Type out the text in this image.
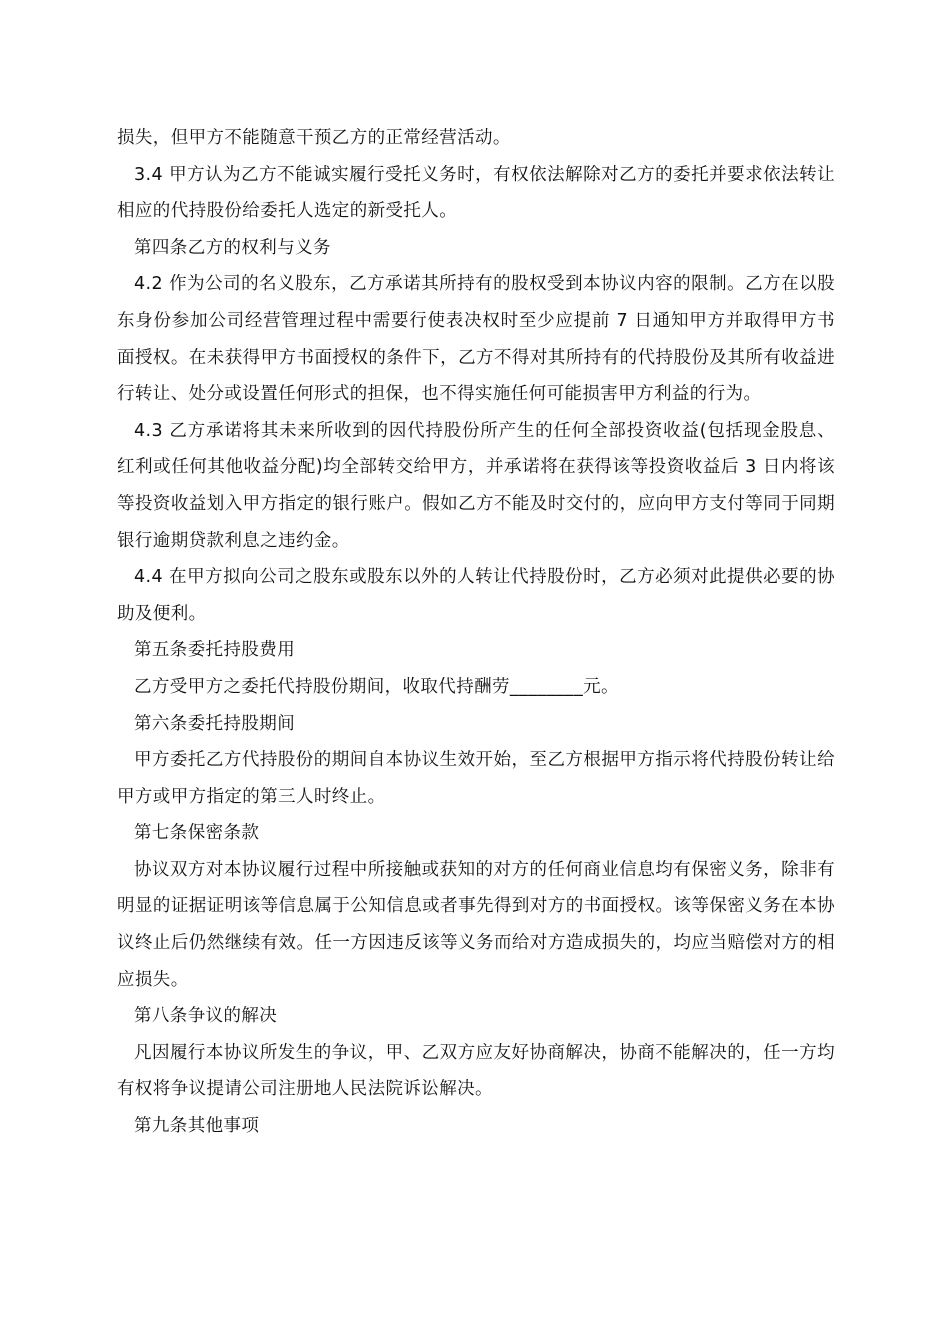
损失，但甲方不能随意干预乙方的正常经营活动。

3.4 甲方认为乙方不能诚实履行受托义务时，有权依法解除对乙方的委托并要求依法转让相应的代持股份给委托人选定的新受托人。

第四条乙方的权利与义务

4.2 作为公司的名义股东，乙方承诺其所持有的股权受到本协议内容的限制。乙方在以股东身份参加公司经营管理过程中需要行使表决权时至少应提前 7 日通知甲方并取得甲方书面授权。在未获得甲方书面授权的条件下，乙方不得对其所持有的代持股份及其所有收益进行转让、处分或设置任何形式的担保，也不得实施任何可能损害甲方利益的行为。

4.3 乙方承诺将其未来所收到的因代持股份所产生的任何全部投资收益(包括现金股息、红利或任何其他收益分配)均全部转交给甲方，并承诺将在获得该等投资收益后 3 日内将该等投资收益划入甲方指定的银行账户。假如乙方不能及时交付的，应向甲方支付等同于同期银行逾期贷款利息之违约金。

4.4 在甲方拟向公司之股东或股东以外的人转让代持股份时，乙方必须对此提供必要的协助及便利。

第五条委托持股费用

乙方受甲方之委托代持股份期间，收取代持酬劳________元。

第六条委托持股期间

甲方委托乙方代持股份的期间自本协议生效开始，至乙方根据甲方指示将代持股份转让给甲方或甲方指定的第三人时终止。

第七条保密条款

协议双方对本协议履行过程中所接触或获知的对方的任何商业信息均有保密义务，除非有明显的证据证明该等信息属于公知信息或者事先得到对方的书面授权。该等保密义务在本协议终止后仍然继续有效。任一方因违反该等义务而给对方造成损失的，均应当赔偿对方的相应损失。

第八条争议的解决

凡因履行本协议所发生的争议，甲、乙双方应友好协商解决，协商不能解决的，任一方均有权将争议提请公司注册地人民法院诉讼解决。

第九条其他事项
